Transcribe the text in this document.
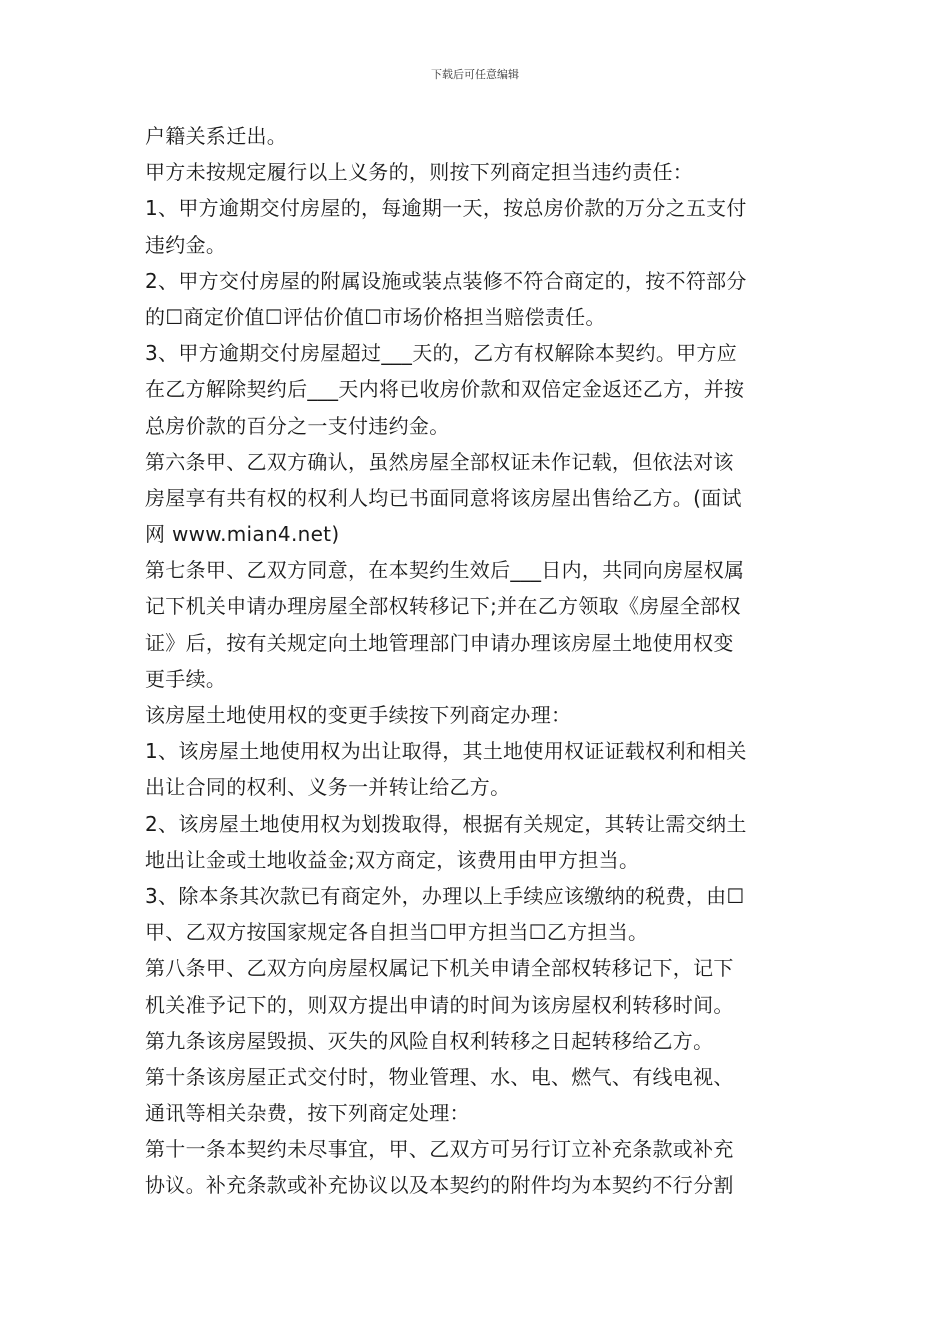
下载后可任意编辑
户籍关系迁出。
甲方未按规定履行以上义务的，则按下列商定担当违约责任：
1、甲方逾期交付房屋的，每逾期一天，按总房价款的万分之五支付
违约金。
2、甲方交付房屋的附属设施或装点装修不符合商定的，按不符部分
的☐商定价值☐评估价值☐市场价格担当赔偿责任。
3、甲方逾期交付房屋超过___天的，乙方有权解除本契约。甲方应
在乙方解除契约后___天内将已收房价款和双倍定金返还乙方，并按
总房价款的百分之一支付违约金。
第六条甲、乙双方确认，虽然房屋全部权证未作记载，但依法对该
房屋享有共有权的权利人均已书面同意将该房屋出售给乙方。(面试
网 www.mian4.net)
第七条甲、乙双方同意，在本契约生效后___日内，共同向房屋权属
记下机关申请办理房屋全部权转移记下;并在乙方领取《房屋全部权
证》后，按有关规定向土地管理部门申请办理该房屋土地使用权变
更手续。
该房屋土地使用权的变更手续按下列商定办理：
1、该房屋土地使用权为出让取得，其土地使用权证证载权利和相关
出让合同的权利、义务一并转让给乙方。
2、该房屋土地使用权为划拨取得，根据有关规定，其转让需交纳土
地出让金或土地收益金;双方商定，该费用由甲方担当。
3、除本条其次款已有商定外，办理以上手续应该缴纳的税费，由☐
甲、乙双方按国家规定各自担当☐甲方担当☐乙方担当。
第八条甲、乙双方向房屋权属记下机关申请全部权转移记下，记下
机关准予记下的，则双方提出申请的时间为该房屋权利转移时间。
第九条该房屋毁损、灭失的风险自权利转移之日起转移给乙方。
第十条该房屋正式交付时，物业管理、水、电、燃气、有线电视、
通讯等相关杂费，按下列商定处理：
第十一条本契约未尽事宜，甲、乙双方可另行订立补充条款或补充
协议。补充条款或补充协议以及本契约的附件均为本契约不行分割
